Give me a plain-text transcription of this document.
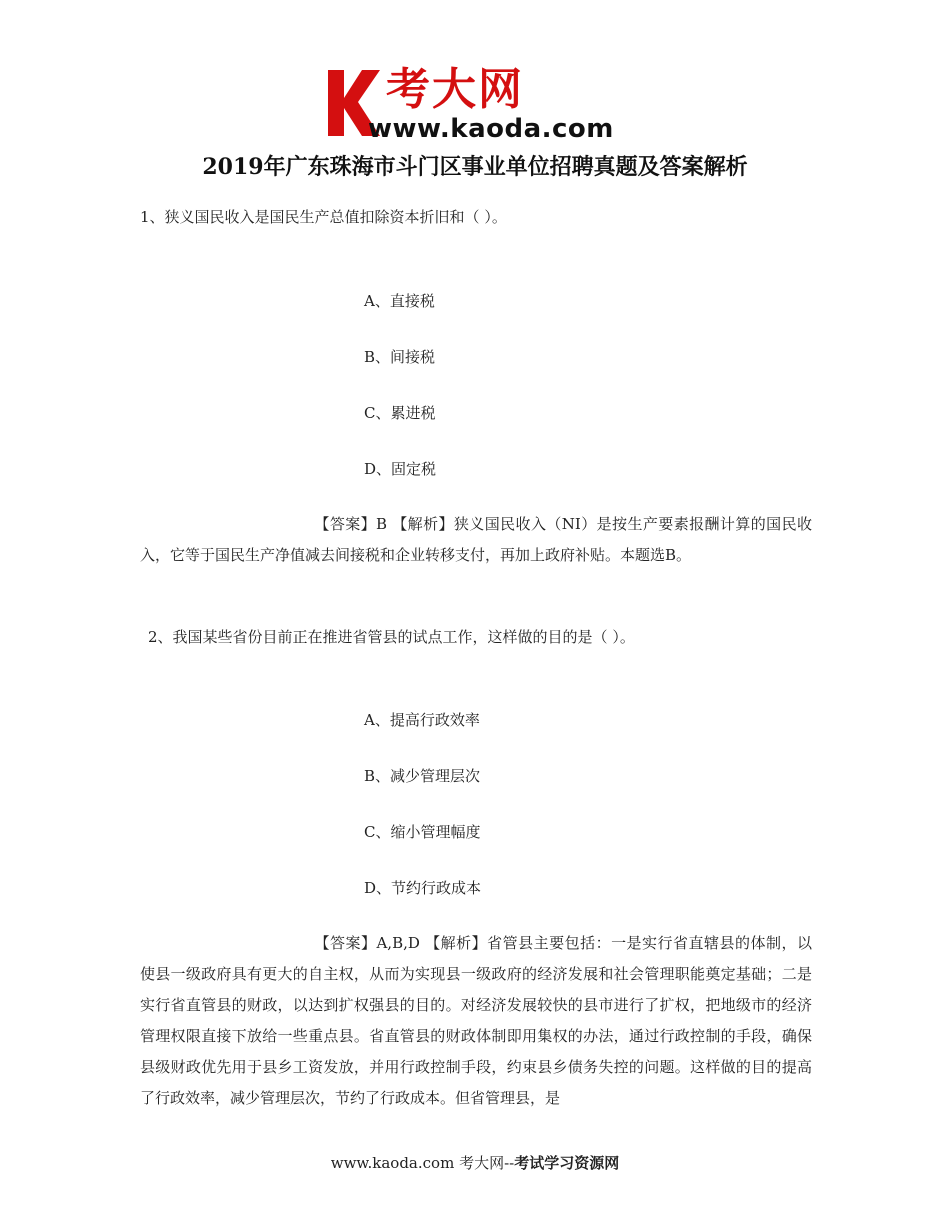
考大网
www.kaoda.com
2019年广东珠海市斗门区事业单位招聘真题及答案解析
1、狭义国民收入是国民生产总值扣除资本折旧和（ ）。
A、直接税
B、间接税
C、累进税
D、固定税
【答案】B 【解析】狭义国民收入（NI）是按生产要素报酬计算的国民收入，它等于国民生产净值减去间接税和企业转移支付，再加上政府补贴。本题选B。
2、我国某些省份目前正在推进省管县的试点工作，这样做的目的是（ ）。
A、提高行政效率
B、减少管理层次
C、缩小管理幅度
D、节约行政成本
【答案】A,B,D 【解析】省管县主要包括：一是实行省直辖县的体制，以使县一级政府具有更大的自主权，从而为实现县一级政府的经济发展和社会管理职能奠定基础；二是实行省直管县的财政，以达到扩权强县的目的。对经济发展较快的县市进行了扩权，把地级市的经济管理权限直接下放给一些重点县。省直管县的财政体制即用集权的办法，通过行政控制的手段，确保县级财政优先用于县乡工资发放，并用行政控制手段，约束县乡债务失控的问题。这样做的目的提高了行政效率，减少管理层次，节约了行政成本。但省管理县，是
www.kaoda.com 考大网--考试学习资源网
